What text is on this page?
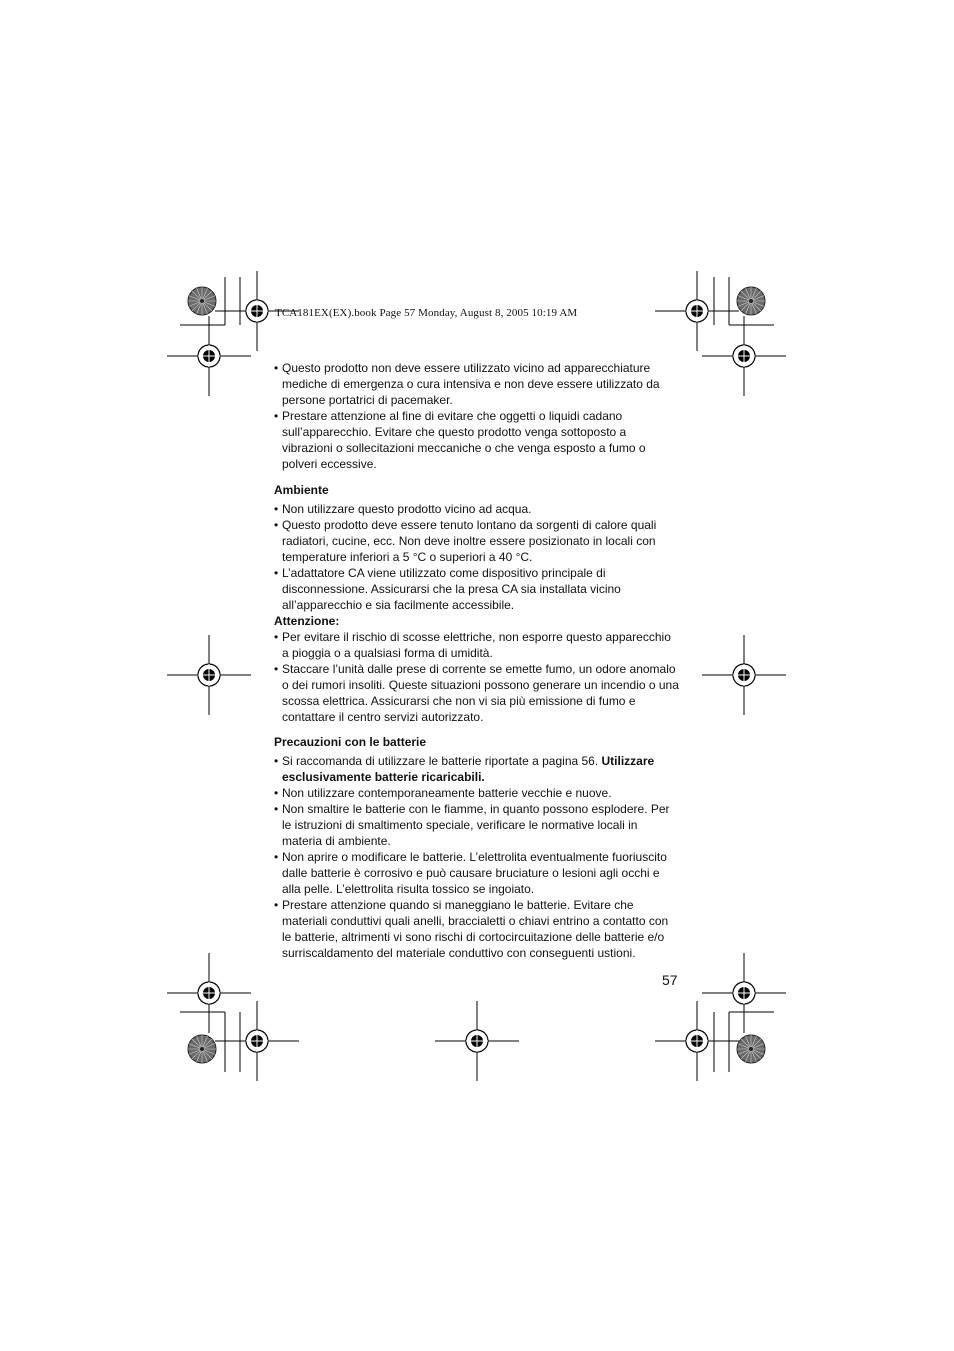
TCA181EX(EX).book Page 57 Monday, August 8, 2005 10:19 AM
• Questo prodotto non deve essere utilizzato vicino ad apparecchiature mediche di emergenza o cura intensiva e non deve essere utilizzato da persone portatrici di pacemaker.
• Prestare attenzione al fine di evitare che oggetti o liquidi cadano sull’apparecchio. Evitare che questo prodotto venga sottoposto a vibrazioni o sollecitazioni meccaniche o che venga esposto a fumo o polveri eccessive.
Ambiente
• Non utilizzare questo prodotto vicino ad acqua.
• Questo prodotto deve essere tenuto lontano da sorgenti di calore quali radiatori, cucine, ecc. Non deve inoltre essere posizionato in locali con temperature inferiori a 5 °C o superiori a 40 °C.
• L’adattatore CA viene utilizzato come dispositivo principale di disconnessione. Assicurarsi che la presa CA sia installata vicino all’apparecchio e sia facilmente accessibile.
Attenzione:
• Per evitare il rischio di scosse elettriche, non esporre questo apparecchio a pioggia o a qualsiasi forma di umidità.
• Staccare l’unità dalle prese di corrente se emette fumo, un odore anomalo o dei rumori insoliti. Queste situazioni possono generare un incendio o una scossa elettrica. Assicurarsi che non vi sia più emissione di fumo e contattare il centro servizi autorizzato.
Precauzioni con le batterie
• Si raccomanda di utilizzare le batterie riportate a pagina 56. Utilizzare esclusivamente batterie ricaricabili.
• Non utilizzare contemporaneamente batterie vecchie e nuove.
• Non smaltire le batterie con le fiamme, in quanto possono esplodere. Per le istruzioni di smaltimento speciale, verificare le normative locali in materia di ambiente.
• Non aprire o modificare le batterie. L’elettrolita eventualmente fuoriuscito dalle batterie è corrosivo e può causare bruciature o lesioni agli occhi e alla pelle. L’elettrolita risulta tossico se ingoiato.
• Prestare attenzione quando si maneggiano le batterie. Evitare che materiali conduttivi quali anelli, braccialetti o chiavi entrino a contatto con le batterie, altrimenti vi sono rischi di cortocircuitazione delle batterie e/o surriscaldamento del materiale conduttivo con conseguenti ustioni.
57
